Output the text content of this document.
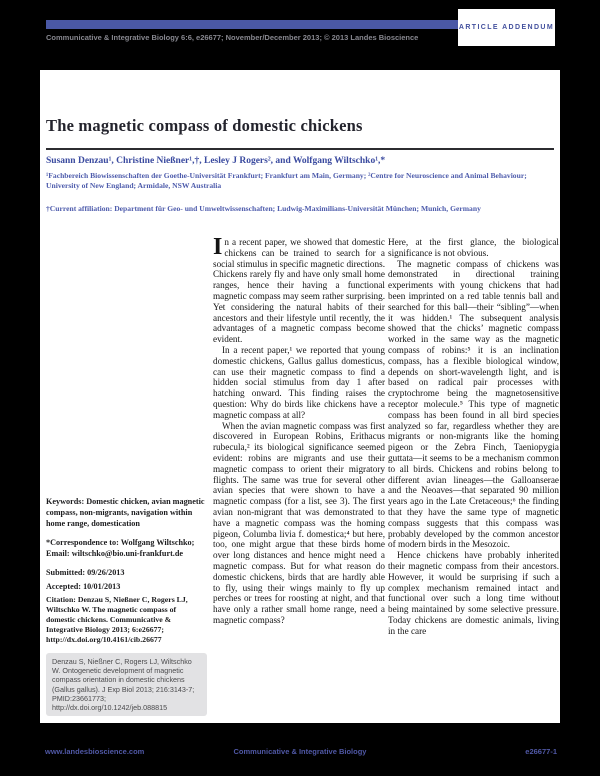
ARTICLE ADDENDUM
Communicative & Integrative Biology 6:6, e26677; November/December 2013; © 2013 Landes Bioscience
The magnetic compass of domestic chickens
Susann Denzau¹, Christine Nießner¹,†, Lesley J Rogers², and Wolfgang Wiltschko¹,*
¹Fachbereich Biowissenschaften der Goethe-Universität Frankfurt; Frankfurt am Main, Germany; ²Centre for Neuroscience and Animal Behaviour; University of New England; Armidale, NSW Australia
†Current affiliation: Department für Geo- und Umweltwissenschaften; Ludwig-Maximilians-Universität München; Munich, Germany

Keywords: Domestic chicken, avian magnetic compass, non-migrants, navigation within home range, domestication

*Correspondence to: Wolfgang Wiltschko; Email: wiltschko@bio.uni-frankfurt.de

Submitted: 09/26/2013

Accepted: 10/01/2013

Citation: Denzau S, Nießner C, Rogers LJ, Wiltschko W. The magnetic compass of domestic chickens. Communicative & Integrative Biology 2013; 6:e26677; http://dx.doi.org/10.4161/cib.26677

Denzau S, Nießner C, Rogers LJ, Wiltschko W. Ontogenetic development of magnetic compass orientation in domestic chickens (Gallus gallus). J Exp Biol 2013; 216:3143-7; PMID:23661773; http://dx.doi.org/10.1242/jeb.088815

In a recent paper, we showed that domestic chickens can be trained to search for a social stimulus in specific magnetic directions. Chickens rarely fly and have only small home ranges, hence their having a functional magnetic compass may seem rather surprising. Yet considering the natural habits of their ancestors and their lifestyle until recently, the advantages of a magnetic compass become evident.

In a recent paper,¹ we reported that young domestic chickens, Gallus gallus domesticus, can use their magnetic compass to find a hidden social stimulus from day 1 after hatching onward. This finding raises the question: Why do birds like chickens have a magnetic compass at all?

When the avian magnetic compass was first discovered in European Robins, Erithacus rubecula,² its biological significance seemed evident: robins are migrants and use their magnetic compass to orient their migratory flights. The same was true for several other avian species that were shown to have a magnetic compass (for a list, see 3). The first avian non-migrant that was demonstrated to have a magnetic compass was the homing pigeon, Columba livia f. domestica;⁴ but here, too, one might argue that these birds home over long distances and hence might need a magnetic compass. But for what reason do domestic chickens, birds that are hardly able to fly, using their wings mainly to fly up perches or trees for roosting at night, and that have only a rather small home range, need a magnetic compass?

Here, at the first glance, the biological significance is not obvious.

The magnetic compass of chickens was demonstrated in directional training experiments with young chickens that had been imprinted on a red table tennis ball and searched for this ball—their “sibling”—when it was hidden.¹ The subsequent analysis showed that the chicks’ magnetic compass worked in the same way as the magnetic compass of robins:⁵ it is an inclination compass, has a flexible biological window, depends on short-wavelength light, and is based on radical pair processes with cryptochrome being the magnetosensitive receptor molecule.⁵ This type of magnetic compass has been found in all bird species analyzed so far, regardless whether they are migrants or non-migrants like the homing pigeon or the Zebra Finch, Taeniopygia guttata—it seems to be a mechanism common to all birds. Chickens and robins belong to different avian lineages—the Galloanserae and the Neoaves—that separated 90 million years ago in the Late Cretaceous;⁶ the finding that they have the same type of magnetic compass suggests that this compass was probably developed by the common ancestor of modern birds in the Mesozoic.

Hence chickens have probably inherited their magnetic compass from their ancestors. However, it would be surprising if such a complex mechanism remained intact and functional over such a long time without being maintained by some selective pressure. Today chickens are domestic animals, living in the care

www.landesbioscience.com	Communicative & Integrative Biology	e26677-1
